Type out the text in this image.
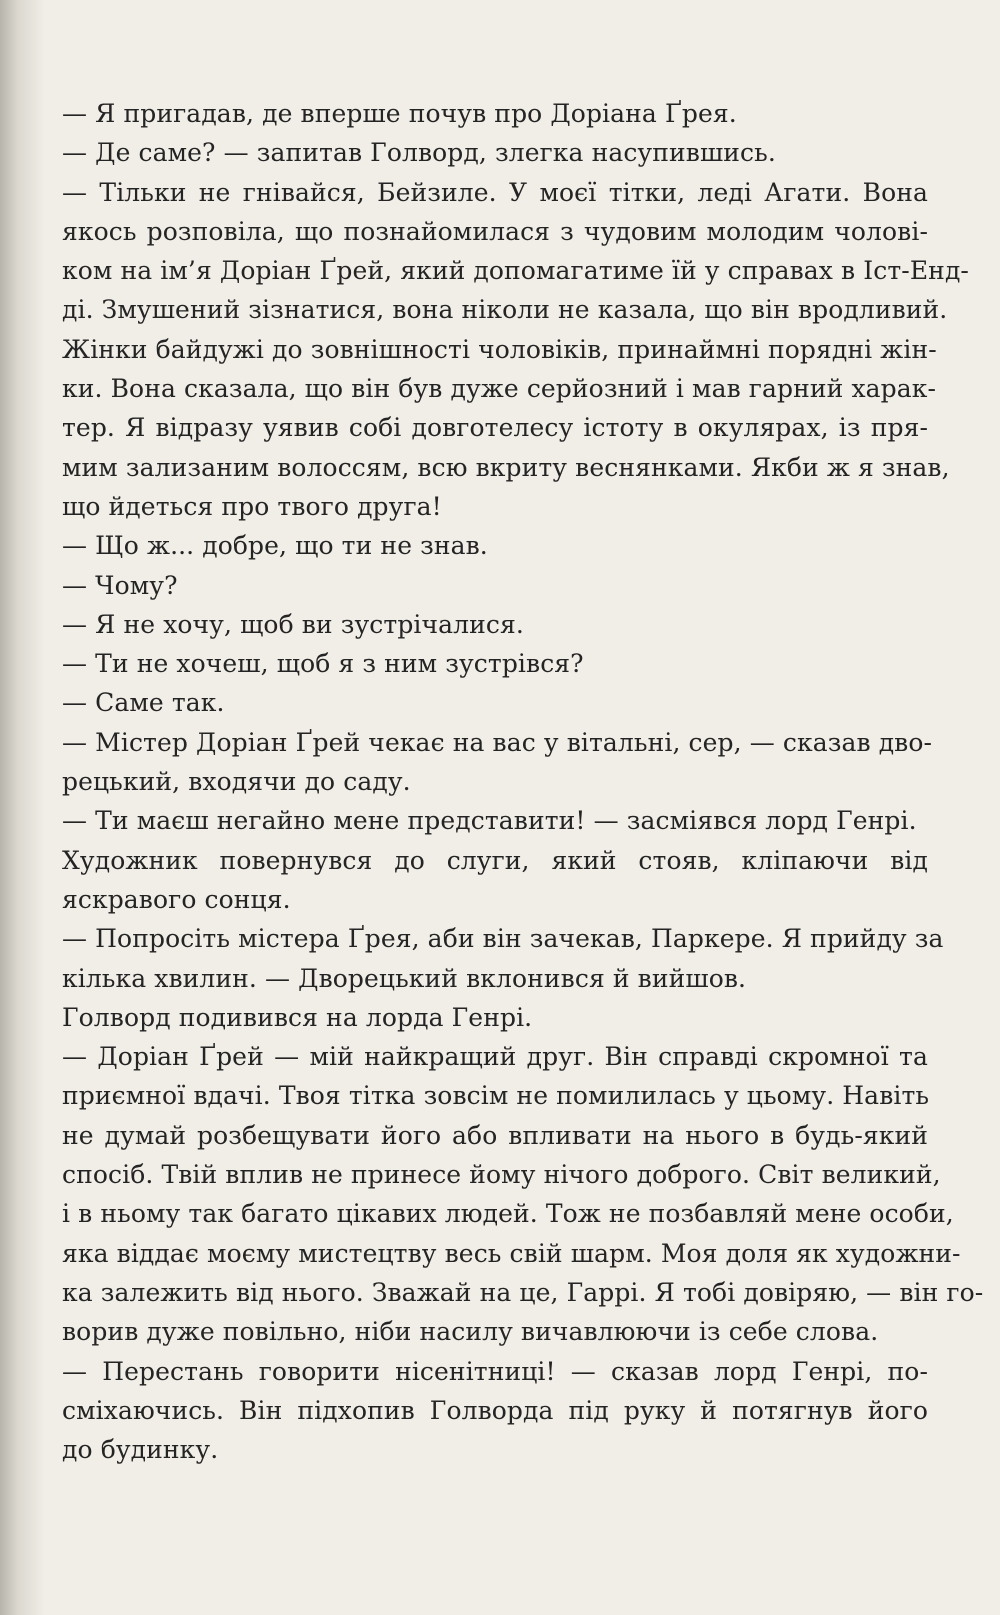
— Я пригадав, де вперше почув про Доріана Ґрея.
— Де саме? — запитав Голворд, злегка насупившись.
— Тільки не гнівайся, Бейзиле. У моєї тітки, леді Агати. Вона
якось розповіла, що познайомилася з чудовим молодим чолові-
ком на ім’я Доріан Ґрей, який допомагатиме їй у справах в Іст-Енд-
ді. Змушений зізнатися, вона ніколи не казала, що він вродливий.
Жінки байдужі до зовнішності чоловіків, принаймні порядні жін-
ки. Вона сказала, що він був дуже серйозний і мав гарний харак-
тер. Я відразу уявив собі довготелесу істоту в окулярах, із пря-
мим зализаним волоссям, всю вкриту веснянками. Якби ж я знав,
що йдеться про твого друга!
— Що ж... добре, що ти не знав.
— Чому?
— Я не хочу, щоб ви зустрічалися.
— Ти не хочеш, щоб я з ним зустрівся?
— Саме так.
— Містер Доріан Ґрей чекає на вас у вітальні, сер, — сказав дво-
рецький, входячи до саду.
— Ти маєш негайно мене представити! — засміявся лорд Генрі.
Художник повернувся до слуги, який стояв, кліпаючи від
яскравого сонця.
— Попросіть містера Ґрея, аби він зачекав, Паркере. Я прийду за
кілька хвилин. — Дворецький вклонився й вийшов.
Голворд подивився на лорда Генрі.
— Доріан Ґрей — мій найкращий друг. Він справді скромної та
приємної вдачі. Твоя тітка зовсім не помилилась у цьому. Навіть
не думай розбещувати його або впливати на нього в будь-який
спосіб. Твій вплив не принесе йому нічого доброго. Світ великий,
і в ньому так багато цікавих людей. Тож не позбавляй мене особи,
яка віддає моєму мистецтву весь свій шарм. Моя доля як художни-
ка залежить від нього. Зважай на це, Гаррі. Я тобі довіряю, — він го-
ворив дуже повільно, ніби насилу вичавлюючи із себе слова.
— Перестань говорити нісенітниці! — сказав лорд Генрі, по-
сміхаючись. Він підхопив Голворда під руку й потягнув його
до будинку.
